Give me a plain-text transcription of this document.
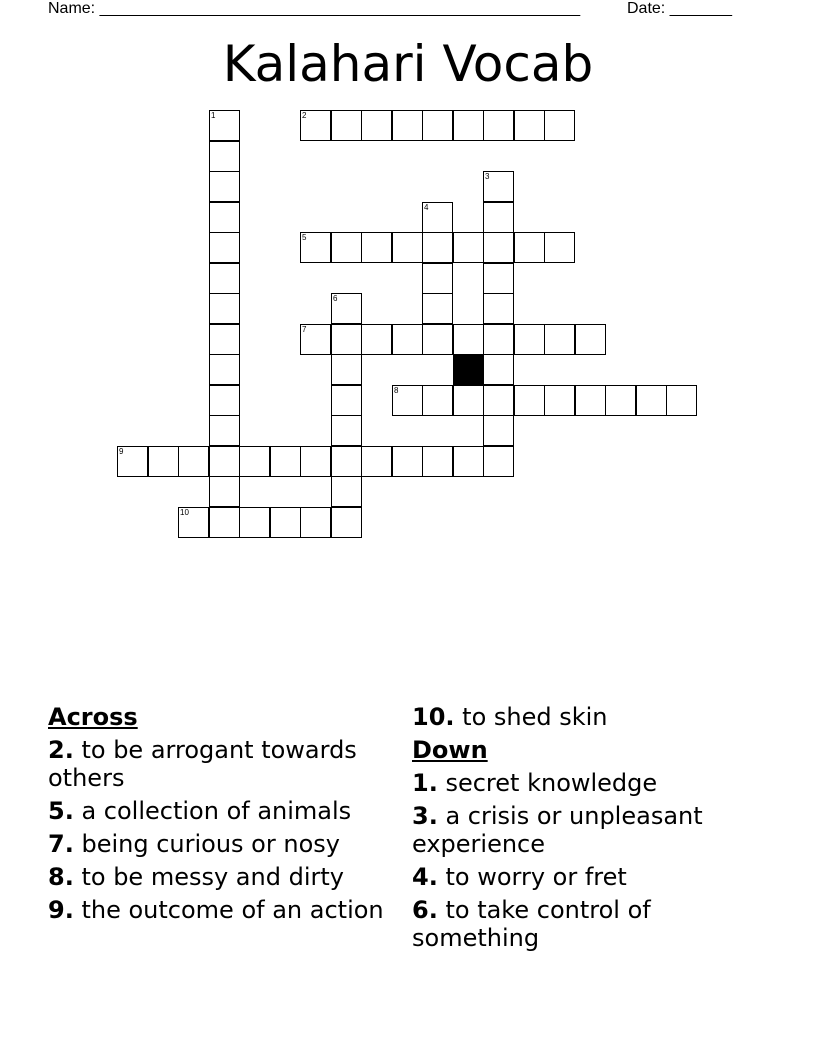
Name: ______________________________________________________	Date: _______
Kalahari Vocab
1	2
3
4
5
6
7
8
9
10
Across
2. to be arrogant towards others
5. a collection of animals
7. being curious or nosy
8. to be messy and dirty
9. the outcome of an action
10. to shed skin
Down
1. secret knowledge
3. a crisis or unpleasant experience
4. to worry or fret
6. to take control of something
